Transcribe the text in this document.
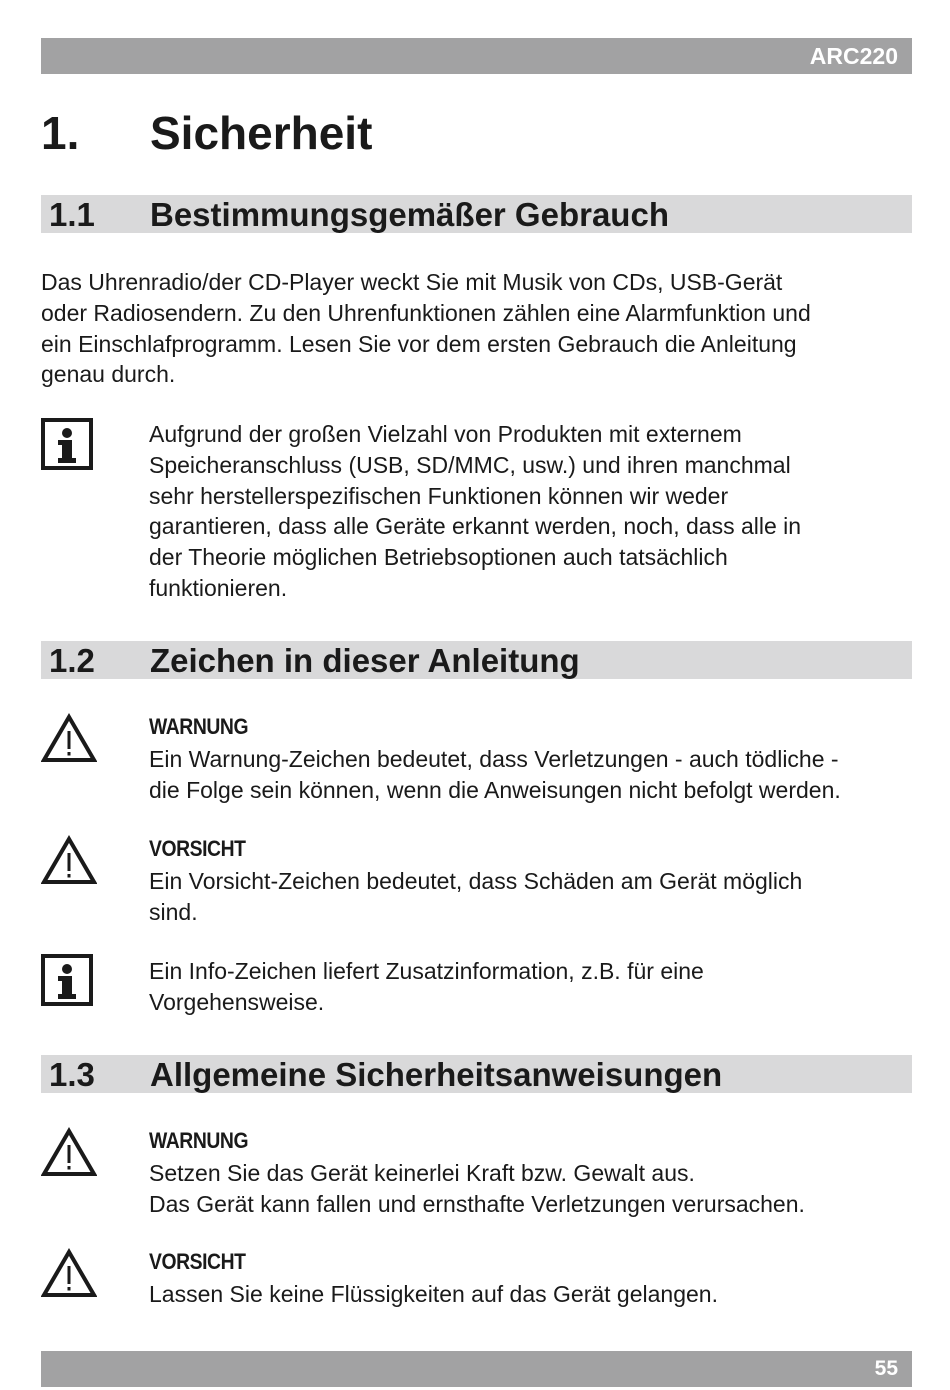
ARC220
1. Sicherheit
1.1 Bestimmungsgemäßer Gebrauch

Das Uhrenradio/der CD-Player weckt Sie mit Musik von CDs, USB-Gerät
oder Radiosendern. Zu den Uhrenfunktionen zählen eine Alarmfunktion und
ein Einschlafprogramm. Lesen Sie vor dem ersten Gebrauch die Anleitung
genau durch.

Aufgrund der großen Vielzahl von Produkten mit externem
Speicheranschluss (USB, SD/MMC, usw.) und ihren manchmal
sehr herstellerspezifischen Funktionen können wir weder
garantieren, dass alle Geräte erkannt werden, noch, dass alle in
der Theorie möglichen Betriebsoptionen auch tatsächlich
funktionieren.

1.2 Zeichen in dieser Anleitung
WARNUNG

Ein Warnung-Zeichen bedeutet, dass Verletzungen - auch tödliche -
die Folge sein können, wenn die Anweisungen nicht befolgt werden.

VORSICHT

Ein Vorsicht-Zeichen bedeutet, dass Schäden am Gerät möglich
sind.

Ein Info-Zeichen liefert Zusatzinformation, z.B. für eine
Vorgehensweise.

1.3 Allgemeine Sicherheitsanweisungen
WARNUNG

Setzen Sie das Gerät keinerlei Kraft bzw. Gewalt aus.
Das Gerät kann fallen und ernsthafte Verletzungen verursachen.

VORSICHT

Lassen Sie keine Flüssigkeiten auf das Gerät gelangen.

55
